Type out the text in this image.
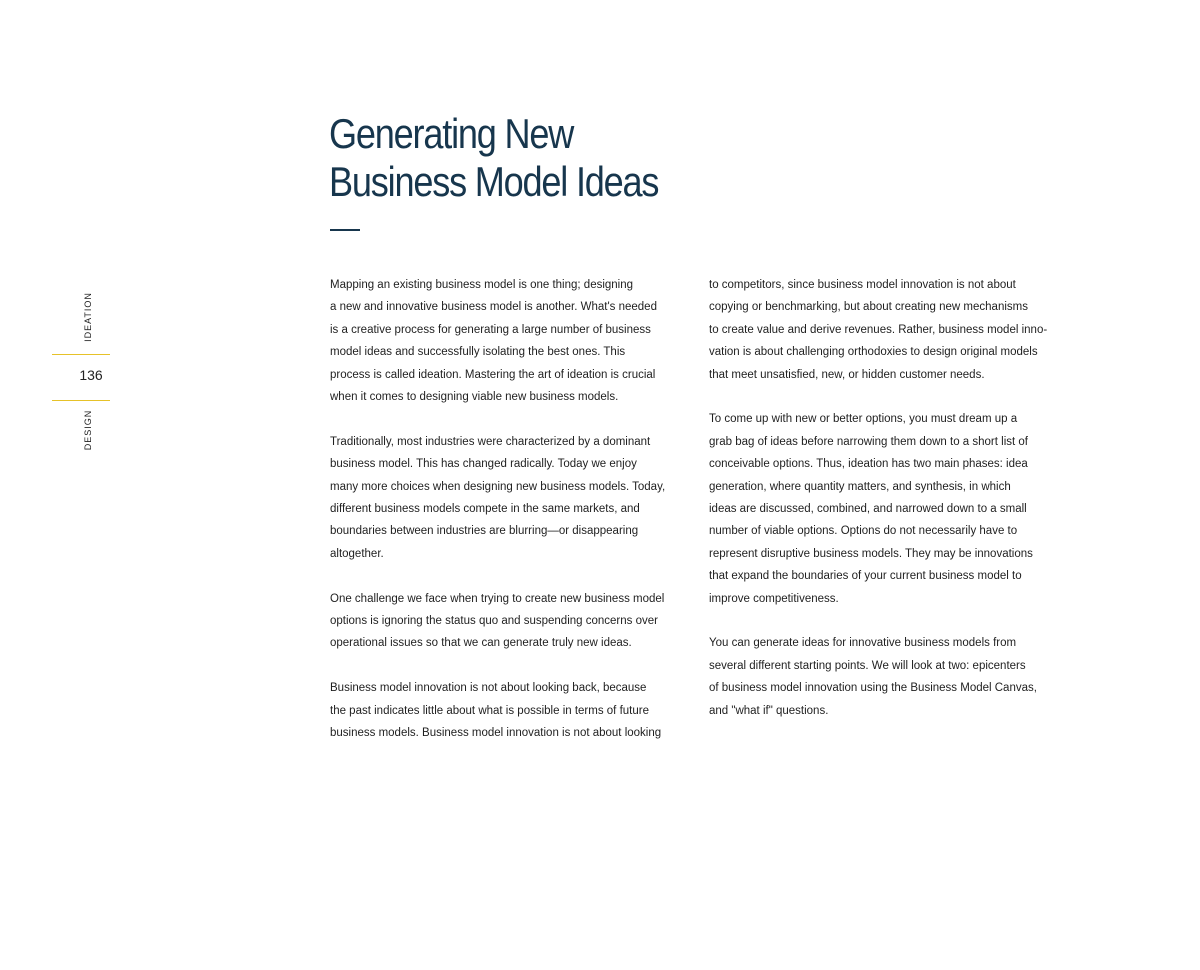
Generating New
Business Model Ideas
IDEATION
136
DESIGN

Mapping an existing business model is one thing; designing
a new and innovative business model is another. What's needed
is a creative process for generating a large number of business
model ideas and successfully isolating the best ones. This
process is called ideation. Mastering the art of ideation is crucial
when it comes to designing viable new business models.

Traditionally, most industries were characterized by a dominant
business model. This has changed radically. Today we enjoy
many more choices when designing new business models. Today,
different business models compete in the same markets, and
boundaries between industries are blurring—or disappearing
altogether.

One challenge we face when trying to create new business model
options is ignoring the status quo and suspending concerns over
operational issues so that we can generate truly new ideas.

Business model innovation is not about looking back, because
the past indicates little about what is possible in terms of future
business models. Business model innovation is not about looking

to competitors, since business model innovation is not about
copying or benchmarking, but about creating new mechanisms
to create value and derive revenues. Rather, business model inno-
vation is about challenging orthodoxies to design original models
that meet unsatisfied, new, or hidden customer needs.

To come up with new or better options, you must dream up a
grab bag of ideas before narrowing them down to a short list of
conceivable options. Thus, ideation has two main phases: idea
generation, where quantity matters, and synthesis, in which
ideas are discussed, combined, and narrowed down to a small
number of viable options. Options do not necessarily have to
represent disruptive business models. They may be innovations
that expand the boundaries of your current business model to
improve competitiveness.

You can generate ideas for innovative business models from
several different starting points. We will look at two: epicenters
of business model innovation using the Business Model Canvas,
and "what if" questions.
